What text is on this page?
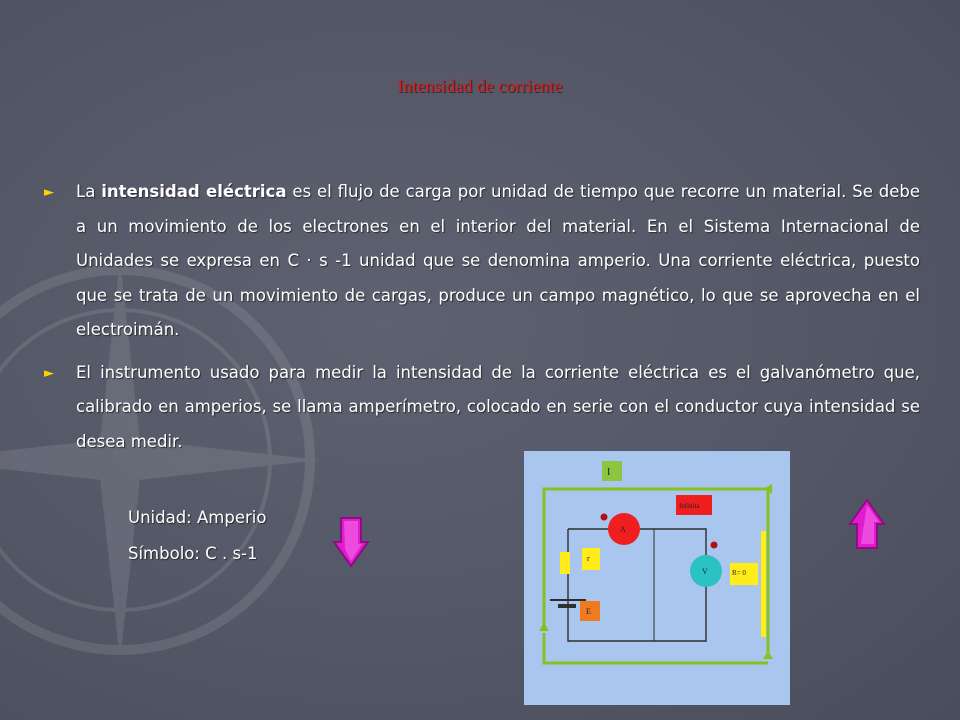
Intensidad de corriente
►	La intensidad eléctrica es el flujo de carga por unidad de tiempo que recorre un material. Se debe a un movimiento de los electrones en el interior del material. En el Sistema Internacional de Unidades se expresa en C · s -1 unidad que se denomina amperio. Una corriente eléctrica, puesto que se trata de un movimiento de cargas, produce un campo magnético, lo que se aprovecha en el electroimán.
►	El instrumento usado para medir la intensidad de la corriente eléctrica es el galvanómetro que, calibrado en amperios, se llama amperímetro, colocado en serie con el conductor cuya intensidad se desea medir.
Unidad: Amperio
Símbolo: C . s-1
I
Infinita
r
E
R= 0
A
V
